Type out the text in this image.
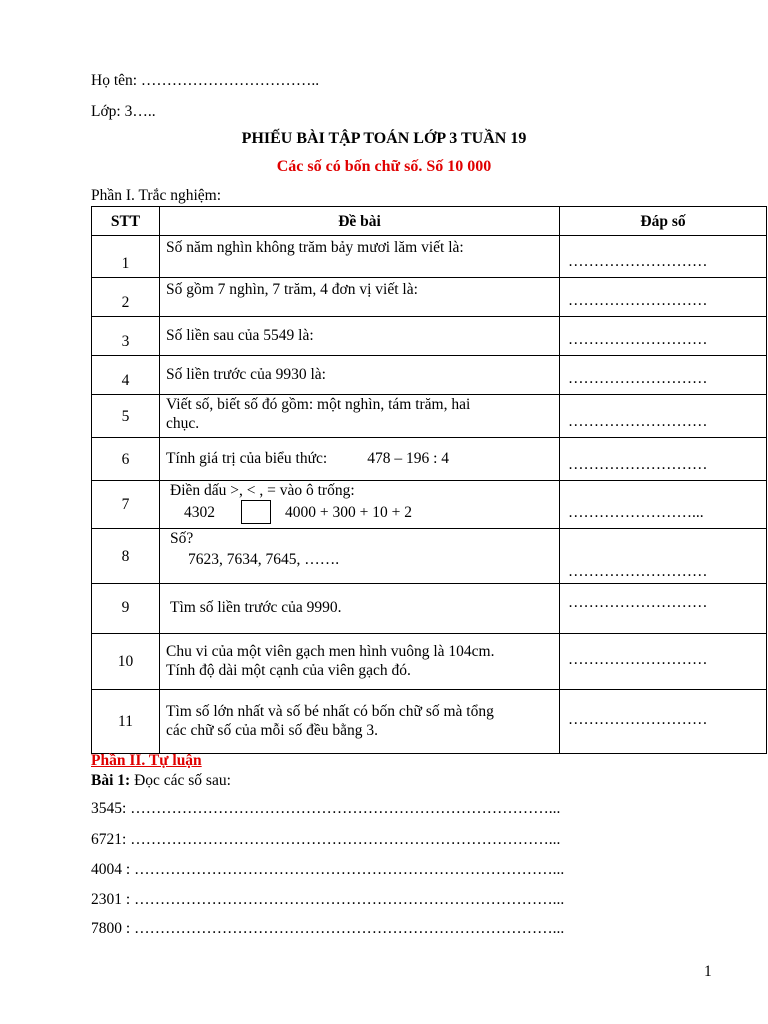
Họ tên: ……………………………..
Lớp: 3…..
PHIẾU BÀI TẬP TOÁN LỚP 3 TUẦN 19
Các số có bốn chữ số. Số 10 000
Phần I. Trắc nghiệm:
STT	Đề bài	Đáp số
1	Số năm nghìn không trăm bảy mươi lăm viết là:	………………………
2	Số gồm 7 nghìn, 7 trăm, 4 đơn vị viết là:	………………………
3	Số liền sau của 5549 là:	………………………
4	Số liền trước của 9930 là:	………………………
5	Viết số, biết số đó gồm: một nghìn, tám trăm, hai
chục.	………………………
6	Tính giá trị của biểu thức: 478 – 196 : 4	………………………
7	Điền dấu >, < , = vào ô trống:
4302 4000 + 300 + 10 + 2	……………………...
8	Số?
7623, 7634, 7645, …….	………………………
9	Tìm số liền trước của 9990.	………………………
10	Chu vi của một viên gạch men hình vuông là 104cm.
Tính độ dài một cạnh của viên gạch đó.	………………………
11	Tìm số lớn nhất và số bé nhất có bốn chữ số mà tổng
các chữ số của mỗi số đều bằng 3.	………………………
Phần II. Tự luận
Bài 1: Đọc các số sau:
3545: ………………………………………………………………………...
6721: ………………………………………………………………………...
4004 : ………………………………………………………………………...
2301 : ………………………………………………………………………...
7800 : ………………………………………………………………………...
1
